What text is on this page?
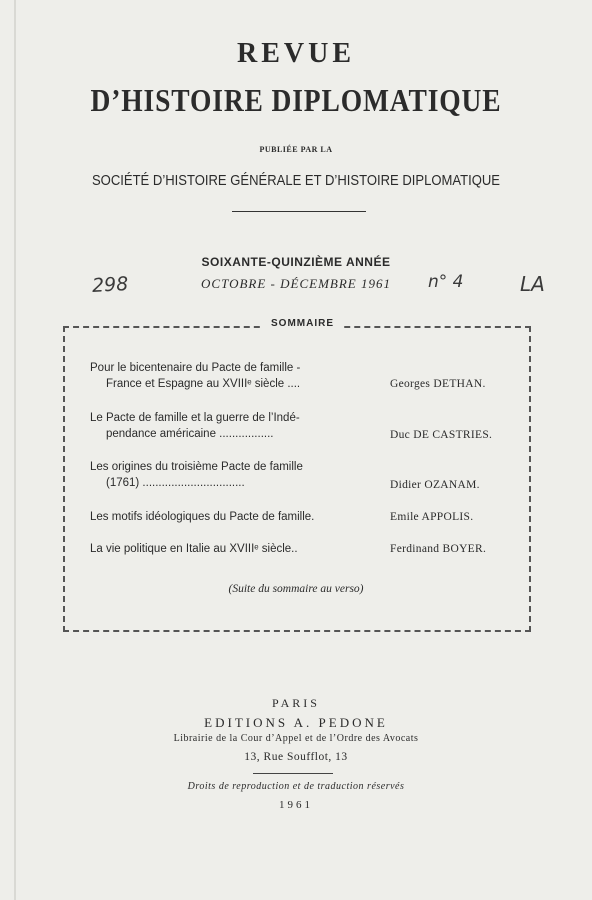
REVUE
D’HISTOIRE DIPLOMATIQUE
PUBLIÉE PAR LA
SOCIÉTÉ D’HISTOIRE GÉNÉRALE ET D’HISTOIRE DIPLOMATIQUE
SOIXANTE-QUINZIÈME ANNÉE
OCTOBRE - DÉCEMBRE 1961
298	n° 4	LA
SOMMAIRE
Pour le bicentenaire du Pacte de famille -
France et Espagne au XVIIIᵉ siècle ....	Georges DETHAN.
Le Pacte de famille et la guerre de l’Indé-
pendance américaine .................	Duc DE CASTRIES.
Les origines du troisième Pacte de famille
(1761) ................................	Didier OZANAM.
Les motifs idéologiques du Pacte de famille.	Emile APPOLIS.
La vie politique en Italie au XVIIIᵉ siècle..	Ferdinand BOYER.
(Suite du sommaire au verso)
PARIS
EDITIONS A. PEDONE
Librairie de la Cour d’Appel et de l’Ordre des Avocats
13, Rue Soufflot, 13
Droits de reproduction et de traduction réservés
1961
